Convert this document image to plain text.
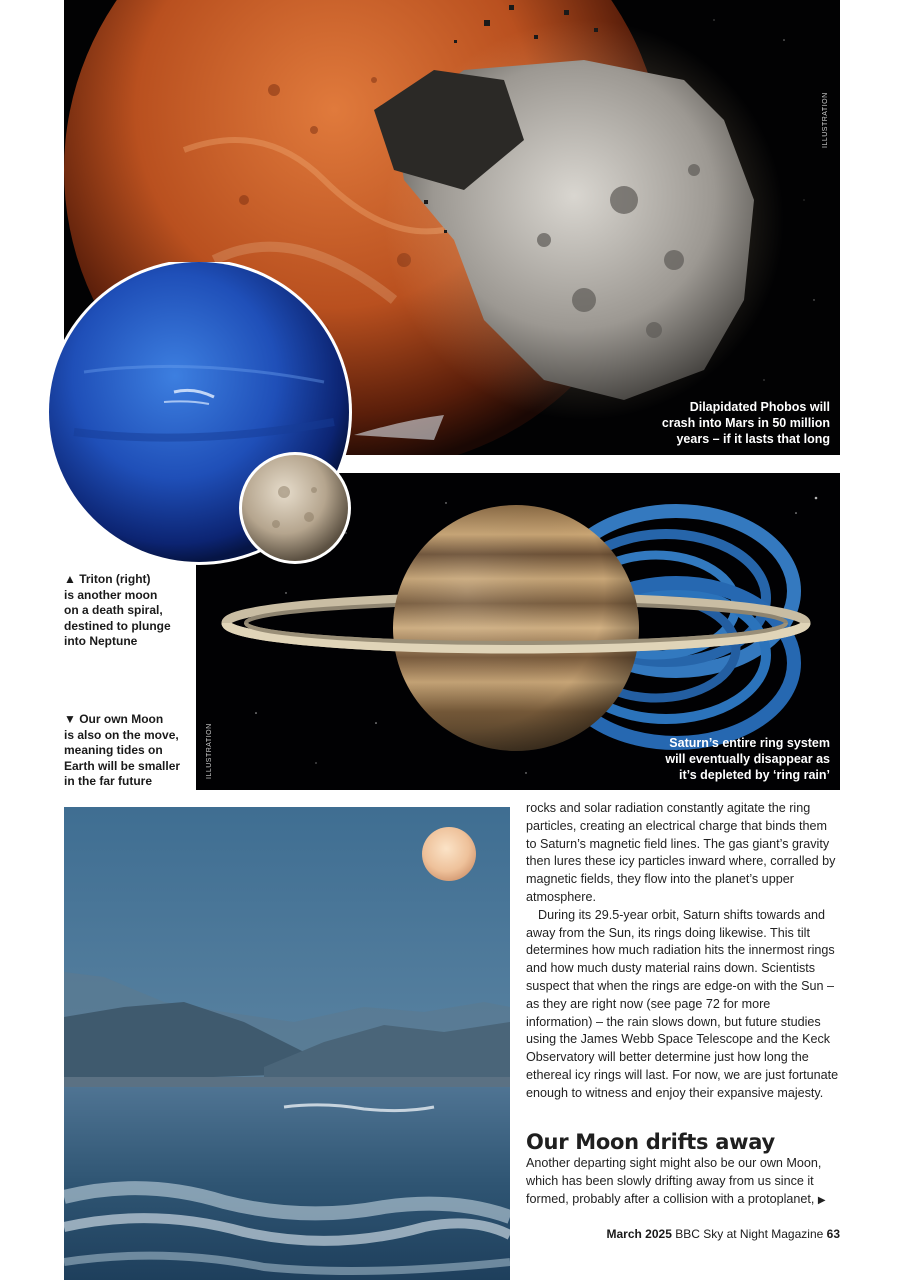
ILLUSTRATION
Dilapidated Phobos will
crash into Mars in 50 million
years – if it lasts that long
ILLUSTRATION	Saturn’s entire ring system
will eventually disappear as
it’s depleted by ‘ring rain’
▲ Triton (right)
is another moon
on a death spiral,
destined to plunge
into Neptune
▼ Our own Moon
is also on the move,
meaning tides on
Earth will be smaller
in the far future

rocks and solar radiation constantly agitate the ring particles, creating an electrical charge that binds them to Saturn’s magnetic field lines. The gas giant’s gravity then lures these icy particles inward where, corralled by magnetic fields, they flow into the planet’s upper atmosphere.

During its 29.5-year orbit, Saturn shifts towards and away from the Sun, its rings doing likewise. This tilt determines how much radiation hits the innermost rings and how much dusty material rains down. Scientists suspect that when the rings are edge-on with the Sun – as they are right now (see page 72 for more information) – the rain slows down, but future studies using the James Webb Space Telescope and the Keck Observatory will better determine just how long the ethereal icy rings will last. For now, we are just fortunate enough to witness and enjoy their expansive majesty.

Our Moon drifts away

Another departing sight might also be our own Moon, which has been slowly drifting away from us since it formed, probably after a collision with a protoplanet, ▶

March 2025 BBC Sky at Night Magazine 63
